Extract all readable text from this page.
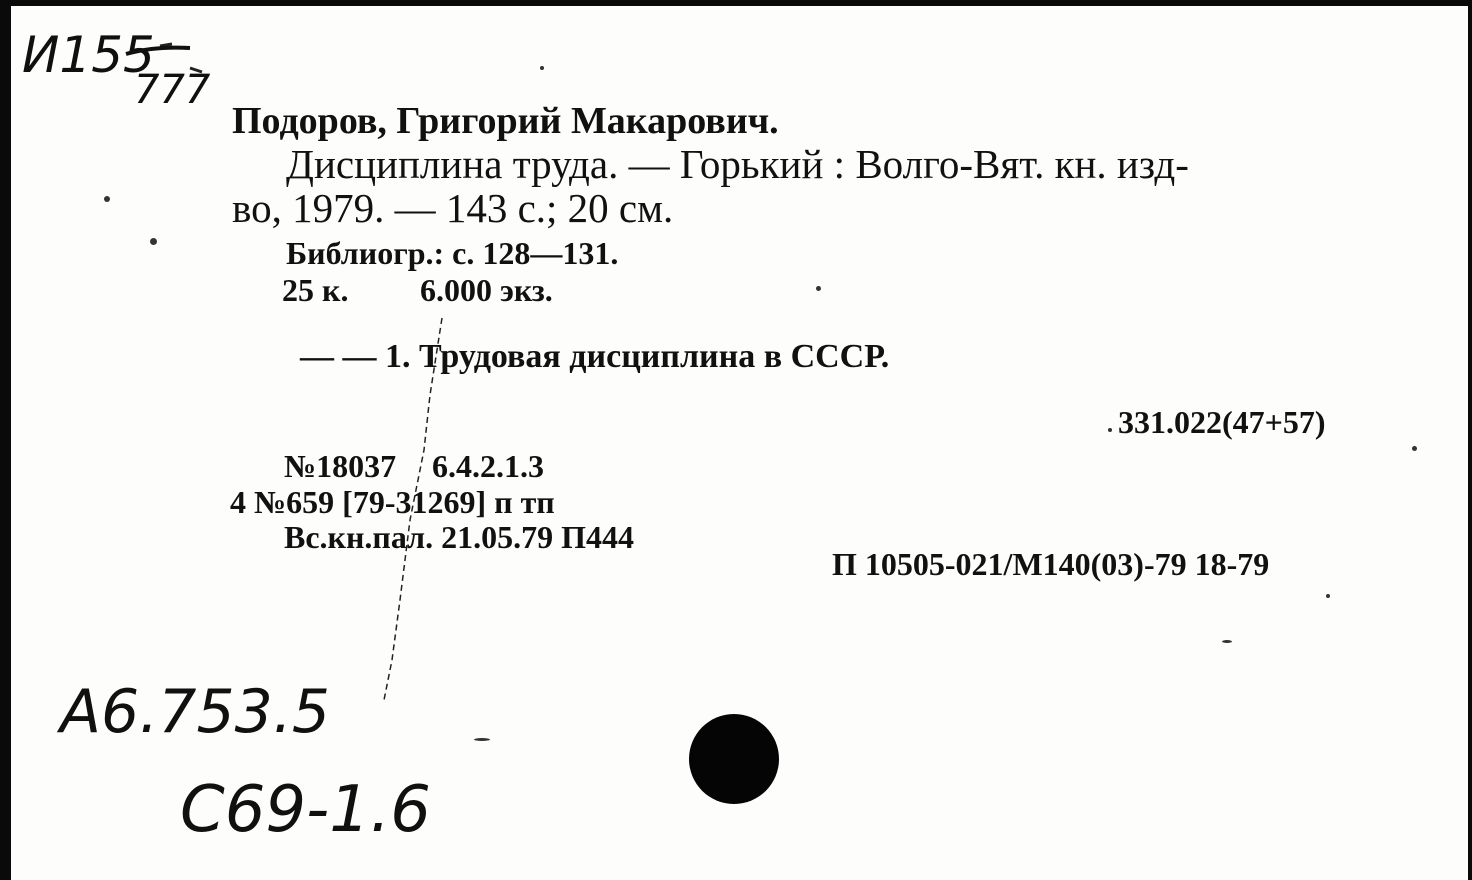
И155
777
А6.753.5
С69-1.6
Подоров, Григорий Макарович.
Дисциплина труда. — Горький : Волго-Вят. кн. изд-
во, 1979. — 143 с.; 20 см.
Библиогр.: с. 128—131.
25 к. 6.000 экз.
— — 1. Трудовая дисциплина в СССР.
331.022(47+57)
№18037 6.4.2.1.3
4 №659 [79-31269] п тп
Вс.кн.пал. 21.05.79 П444
П 10505-021/М140(03)-79 18-79
